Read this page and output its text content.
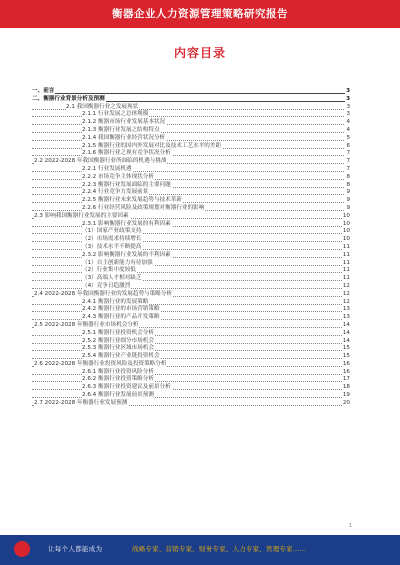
衡器企业人力资源管理策略研究报告
内容目录
一、前言	3
二、衡器行业背景分析及预测	3
2.1 我国衡器行业之发展现状	3
2.1.1 行业发展之总体规模	3
2.1.2 衡器市场行业发展基本状况	4
2.1.3 衡器行业发展之结构特点	4
2.1.4 我国衡器行业经营状况分析	5
2.1.5 衡器行业的国内外发展对比及技术工艺水平的差距	6
2.1.6 衡器行业之现有竞争状况分析	7
2.2 2022-2028 年我国衡器行业所面临的机遇与挑战	7
2.2.1 行业发展机遇	7
2.2.2 市场竞争主体现状分析	8
2.2.3 衡器行业发展面临的主要问题	8
2.2.4 行业竞争力发展前景	9
2.2.5 衡器行业未来发展趋势与技术革新	9
2.2.6 行业经营风险及政策规划对衡器行业的影响	9
2.3 影响我国衡器行业发展的主要因素	10
2.3.1 影响衡器行业发展的有利因素	10
（1）国家产业政策支持	10
（2）市场需求持续增长	10
（3）技术水平不断提高	11
2.3.2 影响衡器行业发展的不利因素	11
（1）自主创新能力有待加强	11
（2）行业集中度较低	11
（3）高端人才相对缺乏	11
（4）竞争日趋激烈	12
2.4 2022-2028 年我国衡器行业的发展趋势与策略分析	12
2.4.1 衡器行业的发展策略	12
2.4.2 衡器行业的市场营销策略	13
2.4.3 衡器行业的产品开发策略	13
2.5 2022-2028 年衡器行业市场机会分析	14
2.5.1 衡器行业投资机会分析	14
2.5.2 衡器行业细分市场机会	14
2.5.3 衡器行业区域市场机会	15
2.5.4 衡器行业产业链投资机会	15
2.6 2022-2028 年衡器行业投资风险及投资策略分析	16
2.6.1 衡器行业投资风险分析	16
2.6.2 衡器行业投资策略分析	17
2.6.3 衡器行业投资建议及前景分析	18
2.6.4 衡器行业发展前景预测	19
2.7 2022-2028 年衡器行业发展预测	20
1
让每个人都能成为	战略专家、营销专家、财务专家、人力专家、管理专家……
